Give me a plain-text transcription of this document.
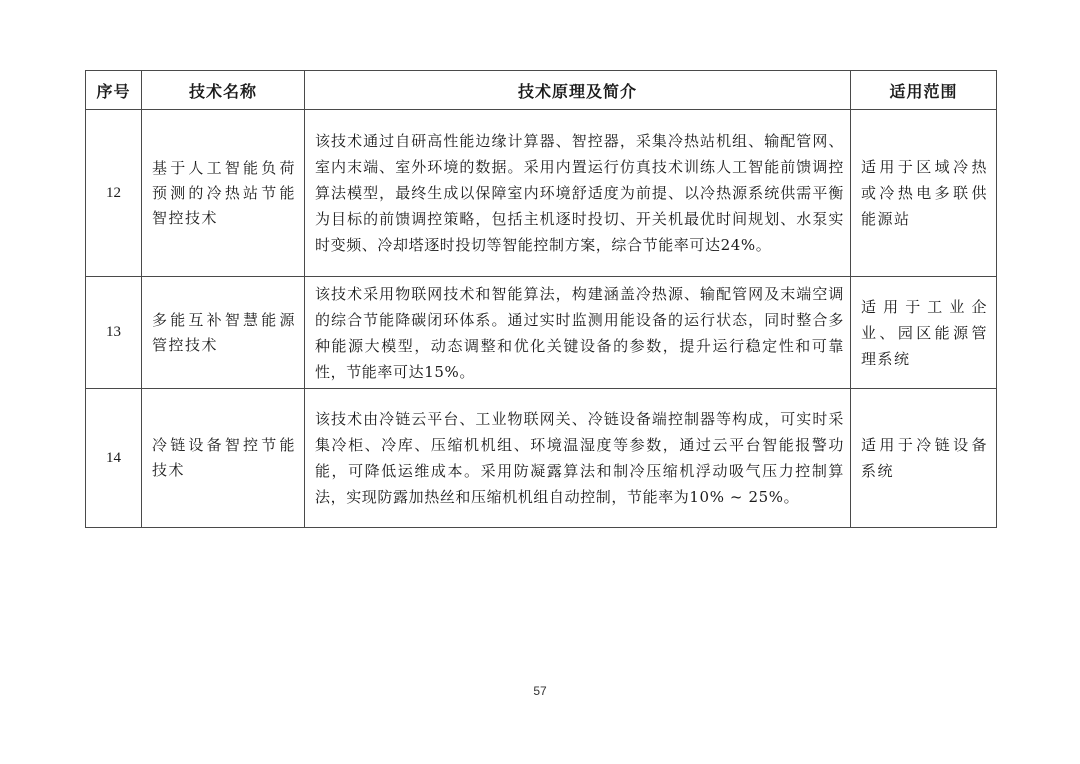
序号	技术名称	技术原理及简介	适用范围
12	基于人工智能负荷预测的冷热站节能智控技术	该技术通过自研高性能边缘计算器、智控器，采集冷热站机组、输配管网、室内末端、室外环境的数据。采用内置运行仿真技术训练人工智能前馈调控算法模型，最终生成以保障室内环境舒适度为前提、以冷热源系统供需平衡为目标的前馈调控策略，包括主机逐时投切、开关机最优时间规划、水泵实时变频、冷却塔逐时投切等智能控制方案，综合节能率可达24%。	适用于区域冷热或冷热电多联供能源站
13	多能互补智慧能源管控技术	该技术采用物联网技术和智能算法，构建涵盖冷热源、输配管网及末端空调的综合节能降碳闭环体系。通过实时监测用能设备的运行状态，同时整合多种能源大模型，动态调整和优化关键设备的参数，提升运行稳定性和可靠性，节能率可达15%。	适用于工业企业、园区能源管理系统
14	冷链设备智控节能技术	该技术由冷链云平台、工业物联网关、冷链设备端控制器等构成，可实时采集冷柜、冷库、压缩机机组、环境温湿度等参数，通过云平台智能报警功能，可降低运维成本。采用防凝露算法和制冷压缩机浮动吸气压力控制算法，实现防露加热丝和压缩机机组自动控制，节能率为10% ~ 25%。	适用于冷链设备系统
57
